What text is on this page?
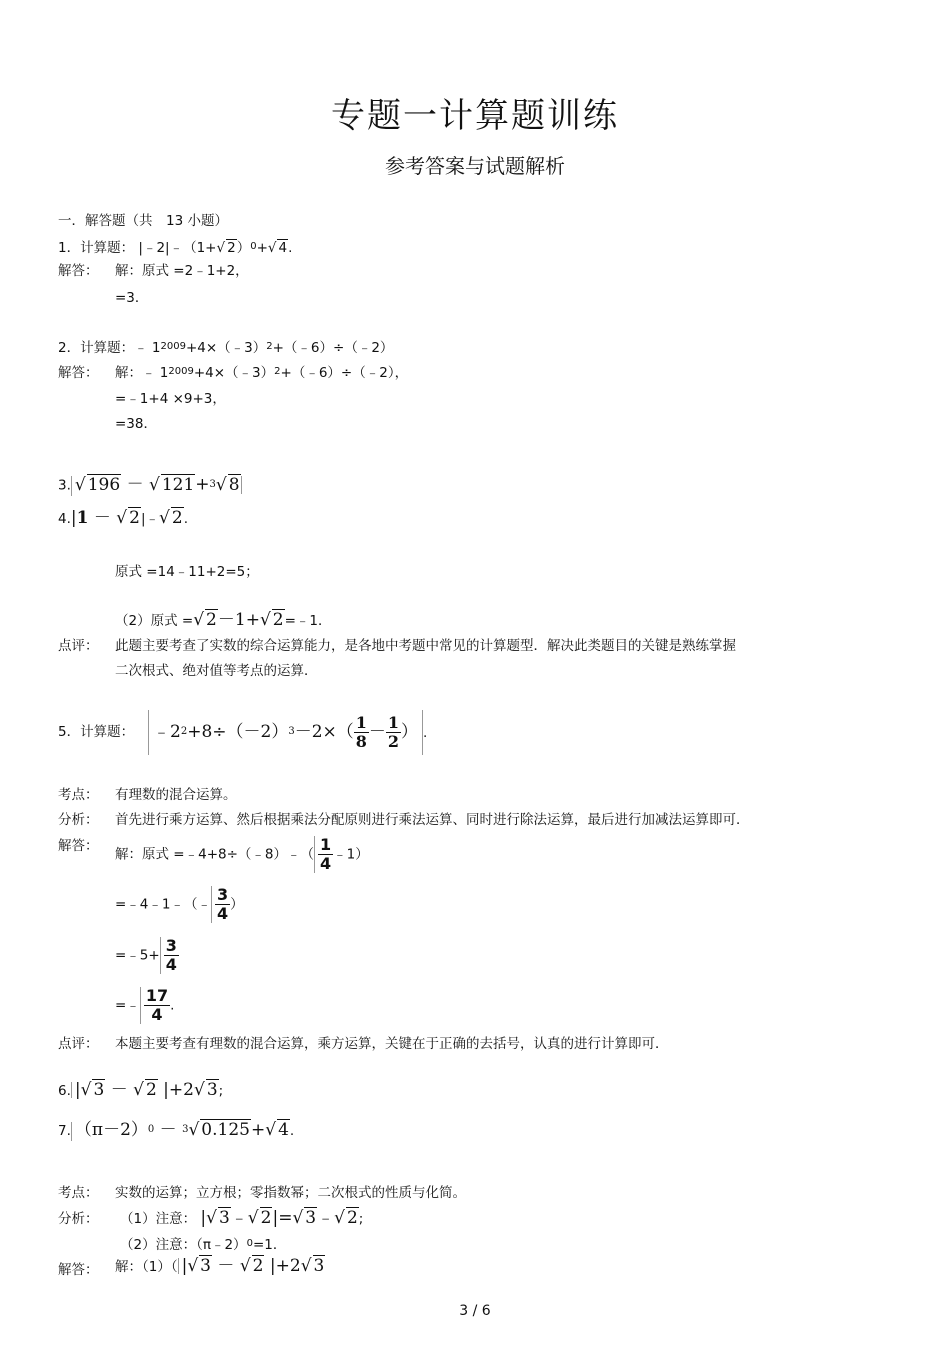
专题一计算题训练
参考答案与试题解析
一．解答题（共　13 小题）
1．计算题： |﹣2|﹣（1+√ 2）$^0$+√ 4.
解答： 解：原式 =2﹣1+2，
=3．
2．计算题：﹣ $1^{2009}+4\times(﹣3)^2+(﹣6)\div(﹣2)$
解答： 解：﹣ $1^{2009}+4\times(﹣3)^2+(﹣6)\div(﹣2)$，
=﹣1+4 ×9+3，
=38．
3. √ 196 － √ 121+$^3$√ 8
4.|1 － √ 2|﹣√ 2.
原式 =14﹣11+2=5；
（2）原式 =√ 2－1+√ 2=﹣1．
点评： 此题主要考查了实数的综合运算能力，是各地中考题中常见的计算题型．解决此类题目的关键是熟练掌握
二次根式、绝对值等考点的运算．
5．计算题： $﹣2^2+8\div(-2)^3-2\times( \frac{1}{8} - \frac{1}{2}$ ） .
考点： 有理数的混合运算。
分析： 首先进行乘方运算、然后根据乘法分配原则进行乘法运算、同时进行除法运算，最后进行加减法运算即可．
解答：
解：原式 =﹣4+8÷（﹣8）﹣（ $\frac{1}{4}$ ﹣1）
=﹣4﹣1﹣（﹣ $\frac{3}{4}$ ）
=﹣5+ $\frac{3}{4}$
=﹣ $\frac{17}{4}$ .
点评： 本题主要考查有理数的混合运算，乘方运算，关键在于正确的去括号，认真的进行计算即可．
6. |√ 3 － √ 2 |+2√ 3;
7. $(\pi-2)^0 - ^3√$ 0.125+√ 4.
考点： 实数的运算；立方根；零指数幂；二次根式的性质与化简。
分析： （1）注意： |√ 3﹣√ 2|=√ 3﹣√ 2;
（2）注意：（π﹣2）$^0$=1．
解答： 解：（1）（ |√ 3 － √ 2 |+2√ 3
3 / 6
